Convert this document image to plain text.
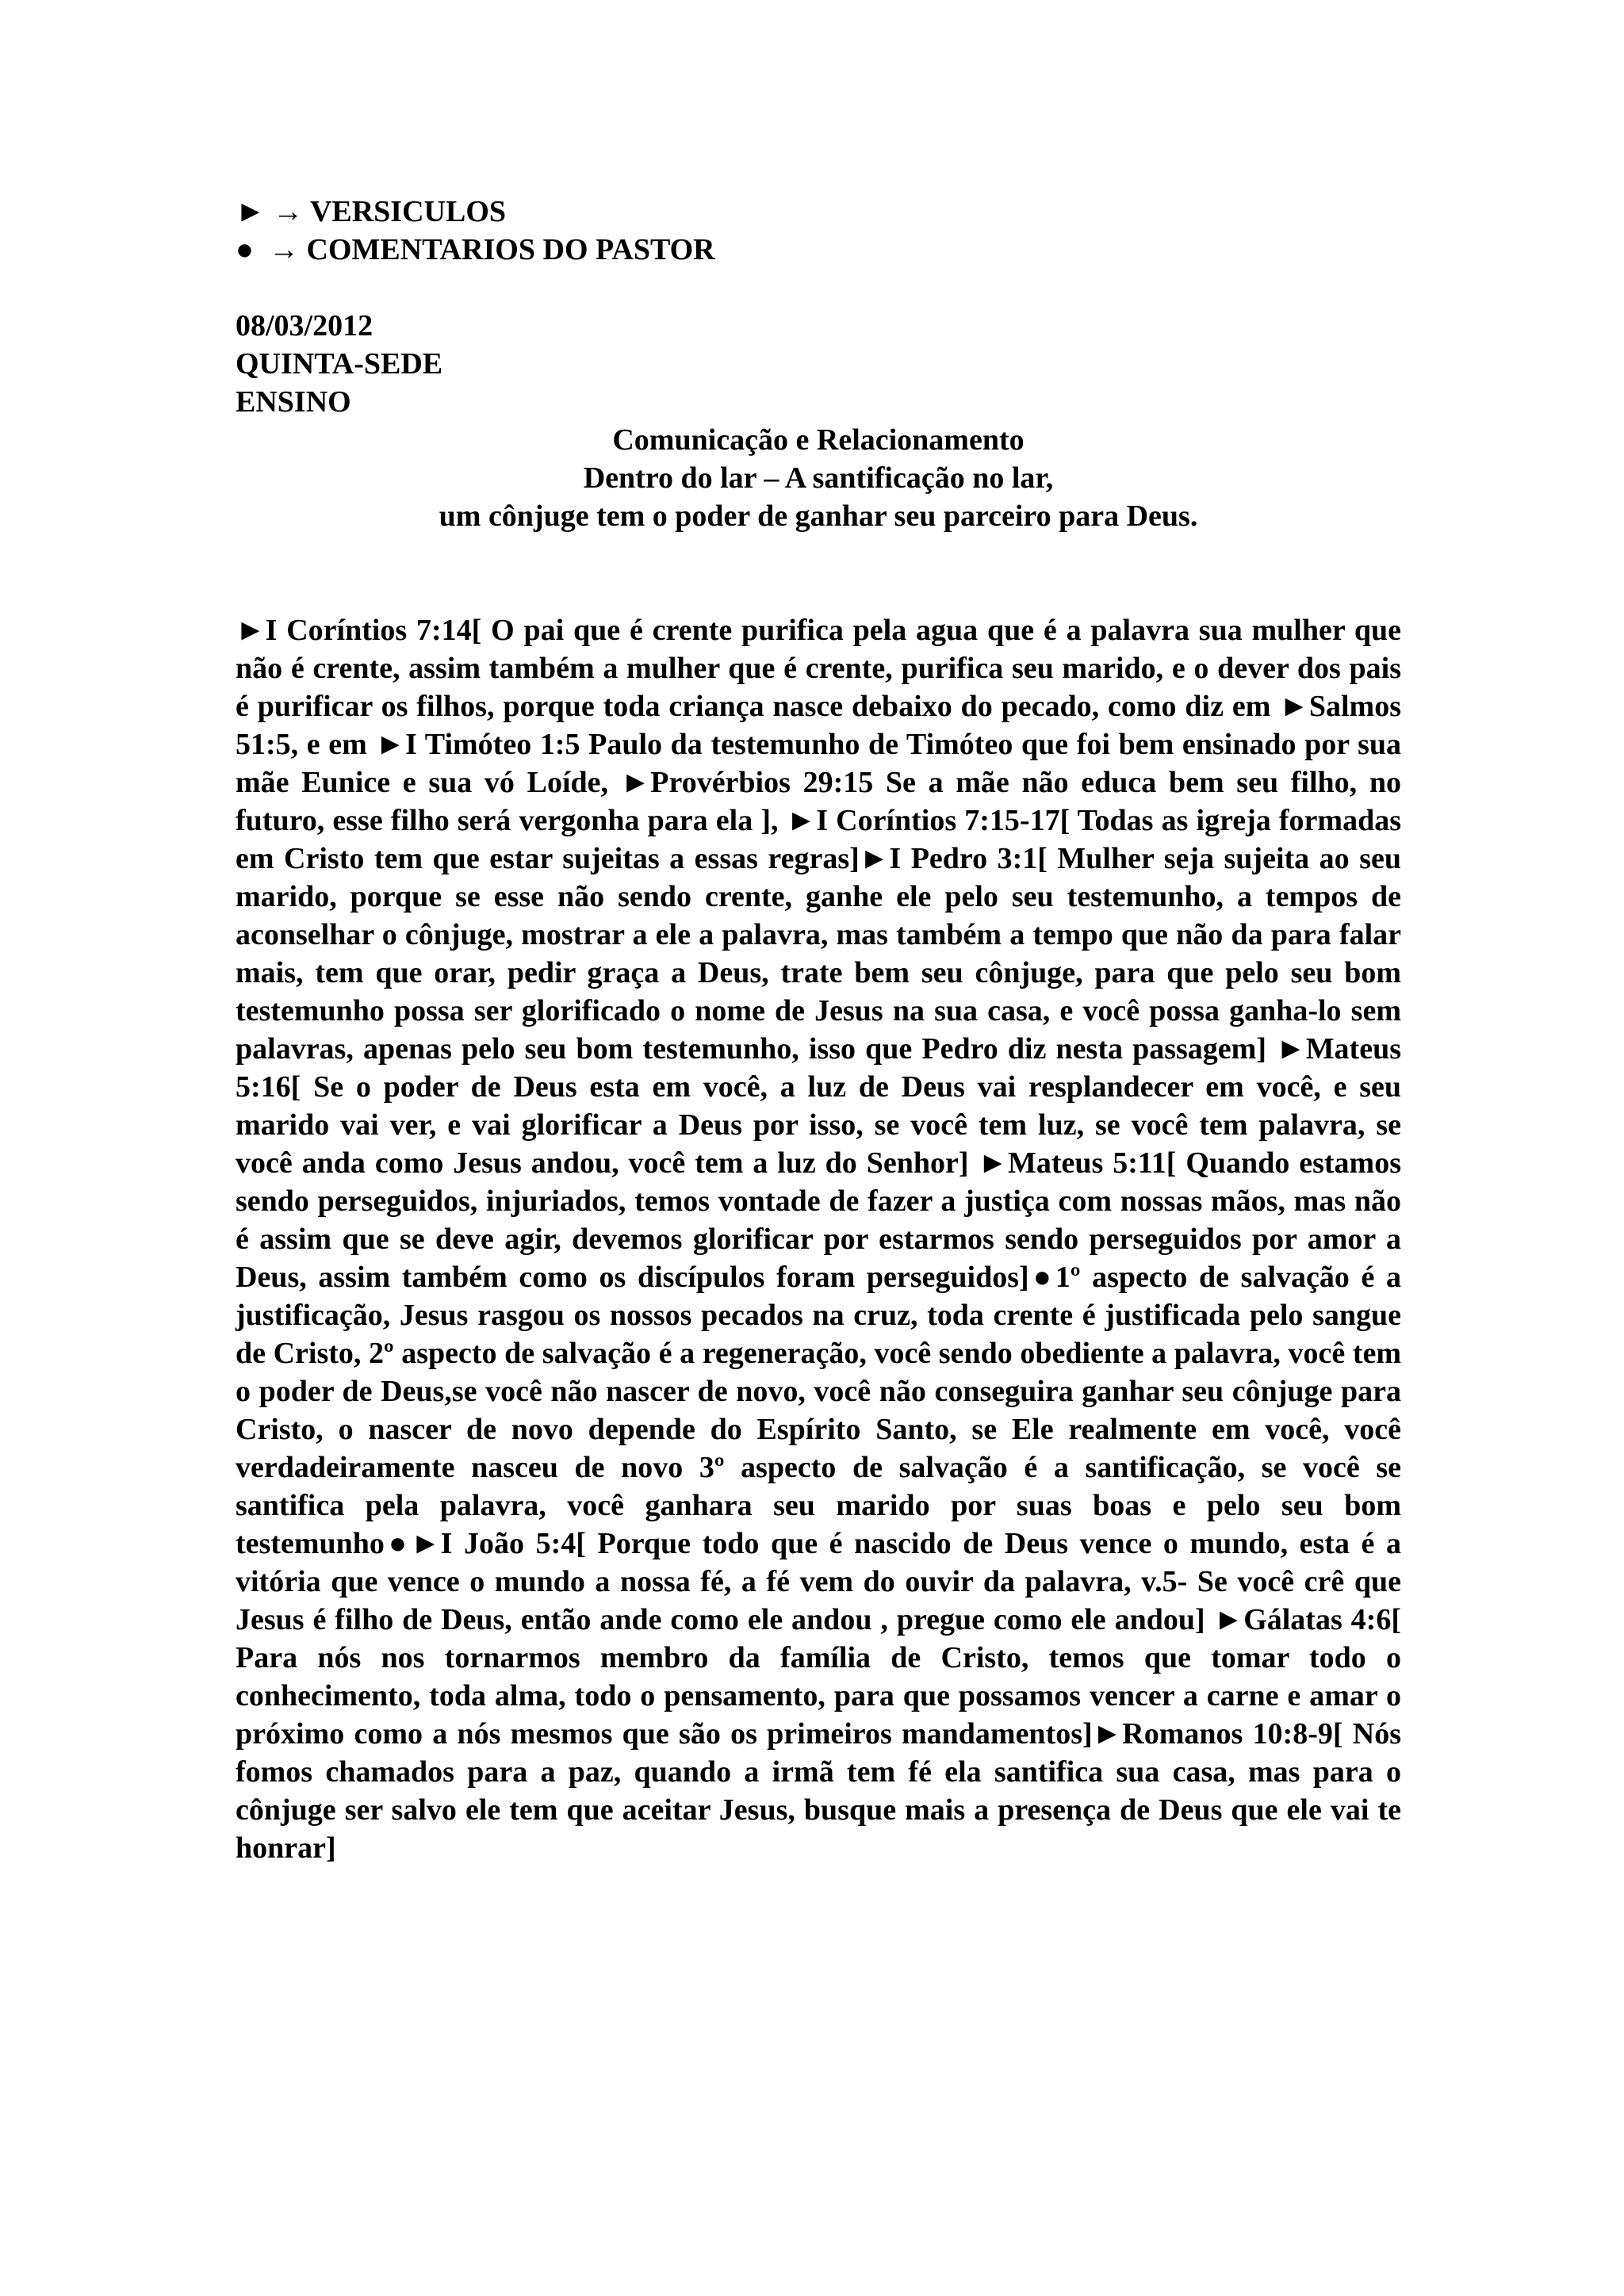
► → VERSICULOS
●  → COMENTARIOS DO PASTOR
08/03/2012
QUINTA-SEDE
ENSINO
Comunicação e Relacionamento
Dentro do lar – A santificação no lar,
um cônjuge tem o poder de ganhar seu parceiro para Deus.

►I Coríntios 7:14[ O pai que é crente purifica pela agua que é a palavra sua mulher que não é crente, assim também a mulher que é crente, purifica seu marido, e o dever dos pais é purificar os filhos, porque toda criança nasce debaixo do pecado, como diz em ►Salmos 51:5, e em ►I Timóteo 1:5 Paulo da testemunho de Timóteo que foi bem ensinado por sua mãe Eunice e sua vó Loíde, ►Provérbios 29:15 Se a mãe não educa bem seu filho, no futuro, esse filho será vergonha para ela ], ►I Coríntios 7:15-17[ Todas as igreja formadas em Cristo tem que estar sujeitas a essas regras]►I Pedro 3:1[ Mulher seja sujeita ao seu marido, porque se esse não sendo crente, ganhe ele pelo seu testemunho, a tempos de aconselhar o cônjuge, mostrar a ele a palavra, mas também a tempo que não da para falar mais, tem que orar, pedir graça a Deus, trate bem seu cônjuge, para que pelo seu bom testemunho possa ser glorificado o nome de Jesus na sua casa, e você possa ganha-lo sem palavras, apenas pelo seu bom testemunho, isso que Pedro diz nesta passagem] ►Mateus 5:16[ Se o poder de Deus esta em você, a luz de Deus vai resplandecer em você, e seu marido vai ver, e vai glorificar a Deus por isso, se você tem luz, se você tem palavra, se você anda como Jesus andou, você tem a luz do Senhor] ►Mateus 5:11[ Quando estamos sendo perseguidos, injuriados, temos vontade de fazer a justiça com nossas mãos, mas não é assim que se deve agir, devemos glorificar por estarmos sendo perseguidos por amor a Deus, assim também como os discípulos foram perseguidos]●1º aspecto de salvação é a justificação, Jesus rasgou os nossos pecados na cruz, toda crente é justificada pelo sangue de Cristo, 2º aspecto de salvação é a regeneração, você sendo obediente a palavra, você tem o poder de Deus,se você não nascer de novo, você não conseguira ganhar seu cônjuge para Cristo, o nascer de novo depende do Espírito Santo, se Ele realmente em você, você verdadeiramente nasceu de novo 3º aspecto de salvação é a santificação, se você se santifica pela palavra, você ganhara seu marido por suas boas e pelo seu bom testemunho●►I João 5:4[ Porque todo que é nascido de Deus vence o mundo, esta é a vitória que vence o mundo a nossa fé, a fé vem do ouvir da palavra, v.5- Se você crê que Jesus é filho de Deus, então ande como ele andou , pregue como ele andou] ►Gálatas 4:6[ Para nós nos tornarmos membro da família de Cristo, temos que tomar todo o conhecimento, toda alma, todo o pensamento, para que possamos vencer a carne e amar o próximo como a nós mesmos que são os primeiros mandamentos]►Romanos 10:8-9[ Nós fomos chamados para a paz, quando a irmã tem fé ela santifica sua casa, mas para o cônjuge ser salvo ele tem que aceitar Jesus, busque mais a presença de Deus que ele vai te honrar]
